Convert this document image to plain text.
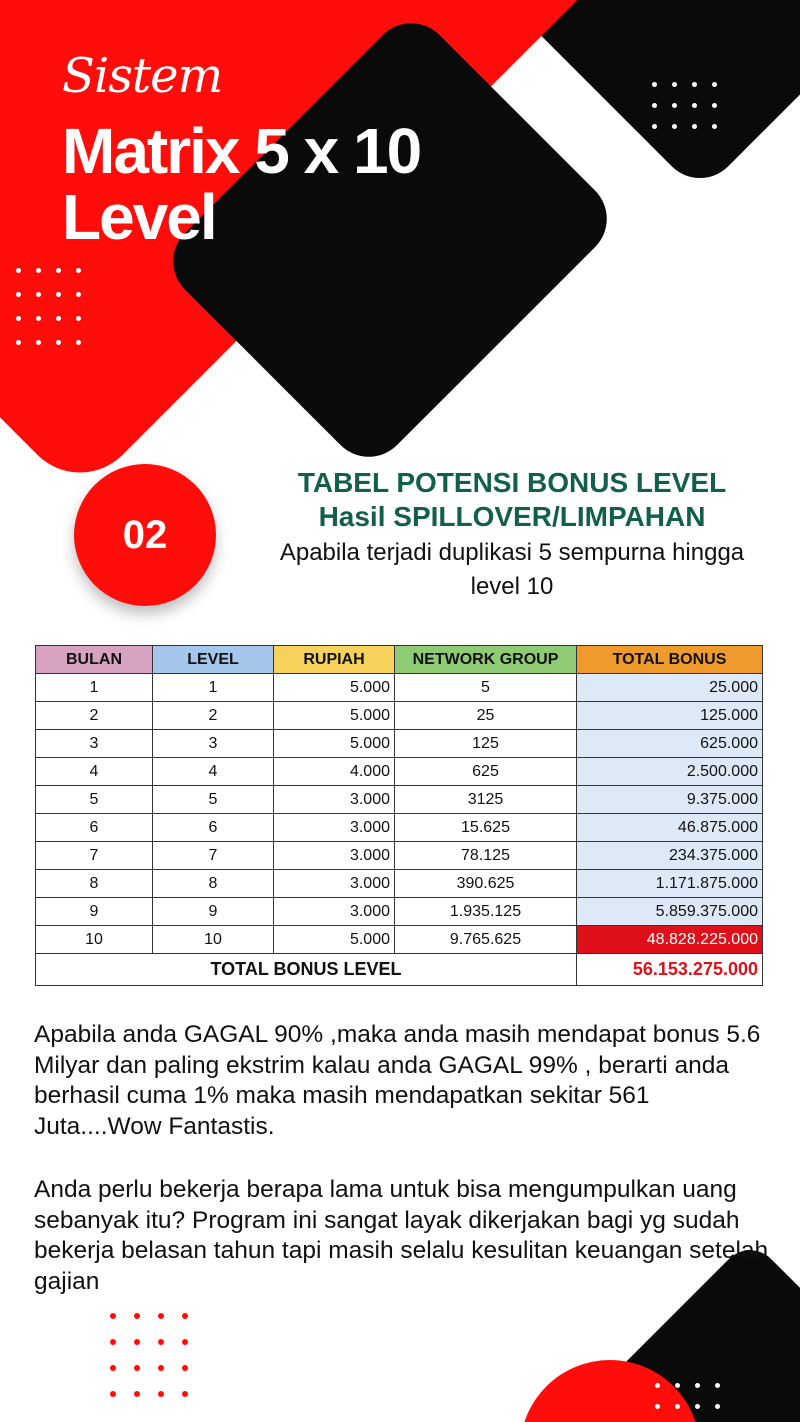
Sistem
Matrix 5 x 10 Level
02
TABEL POTENSI BONUS LEVEL
Hasil SPILLOVER/LIMPAHAN
Apabila terjadi duplikasi 5 sempurna hingga level 10
BULAN	LEVEL	RUPIAH	NETWORK GROUP	TOTAL BONUS
1	1	5.000	5	25.000
2	2	5.000	25	125.000
3	3	5.000	125	625.000
4	4	4.000	625	2.500.000
5	5	3.000	3125	9.375.000
6	6	3.000	15.625	46.875.000
7	7	3.000	78.125	234.375.000
8	8	3.000	390.625	1.171.875.000
9	9	3.000	1.935.125	5.859.375.000
10	10	5.000	9.765.625	48.828.225.000
TOTAL BONUS LEVEL				56.153.275.000

Apabila anda GAGAL 90% ,maka anda masih mendapat bonus 5.6 Milyar dan paling ekstrim kalau anda GAGAL 99% , berarti anda berhasil cuma 1% maka masih mendapatkan sekitar 561 Juta....Wow Fantastis.

Anda perlu bekerja berapa lama untuk bisa mengumpulkan uang sebanyak itu? Program ini sangat layak dikerjakan bagi yg sudah bekerja belasan tahun tapi masih selalu kesulitan keuangan setelah gajian
